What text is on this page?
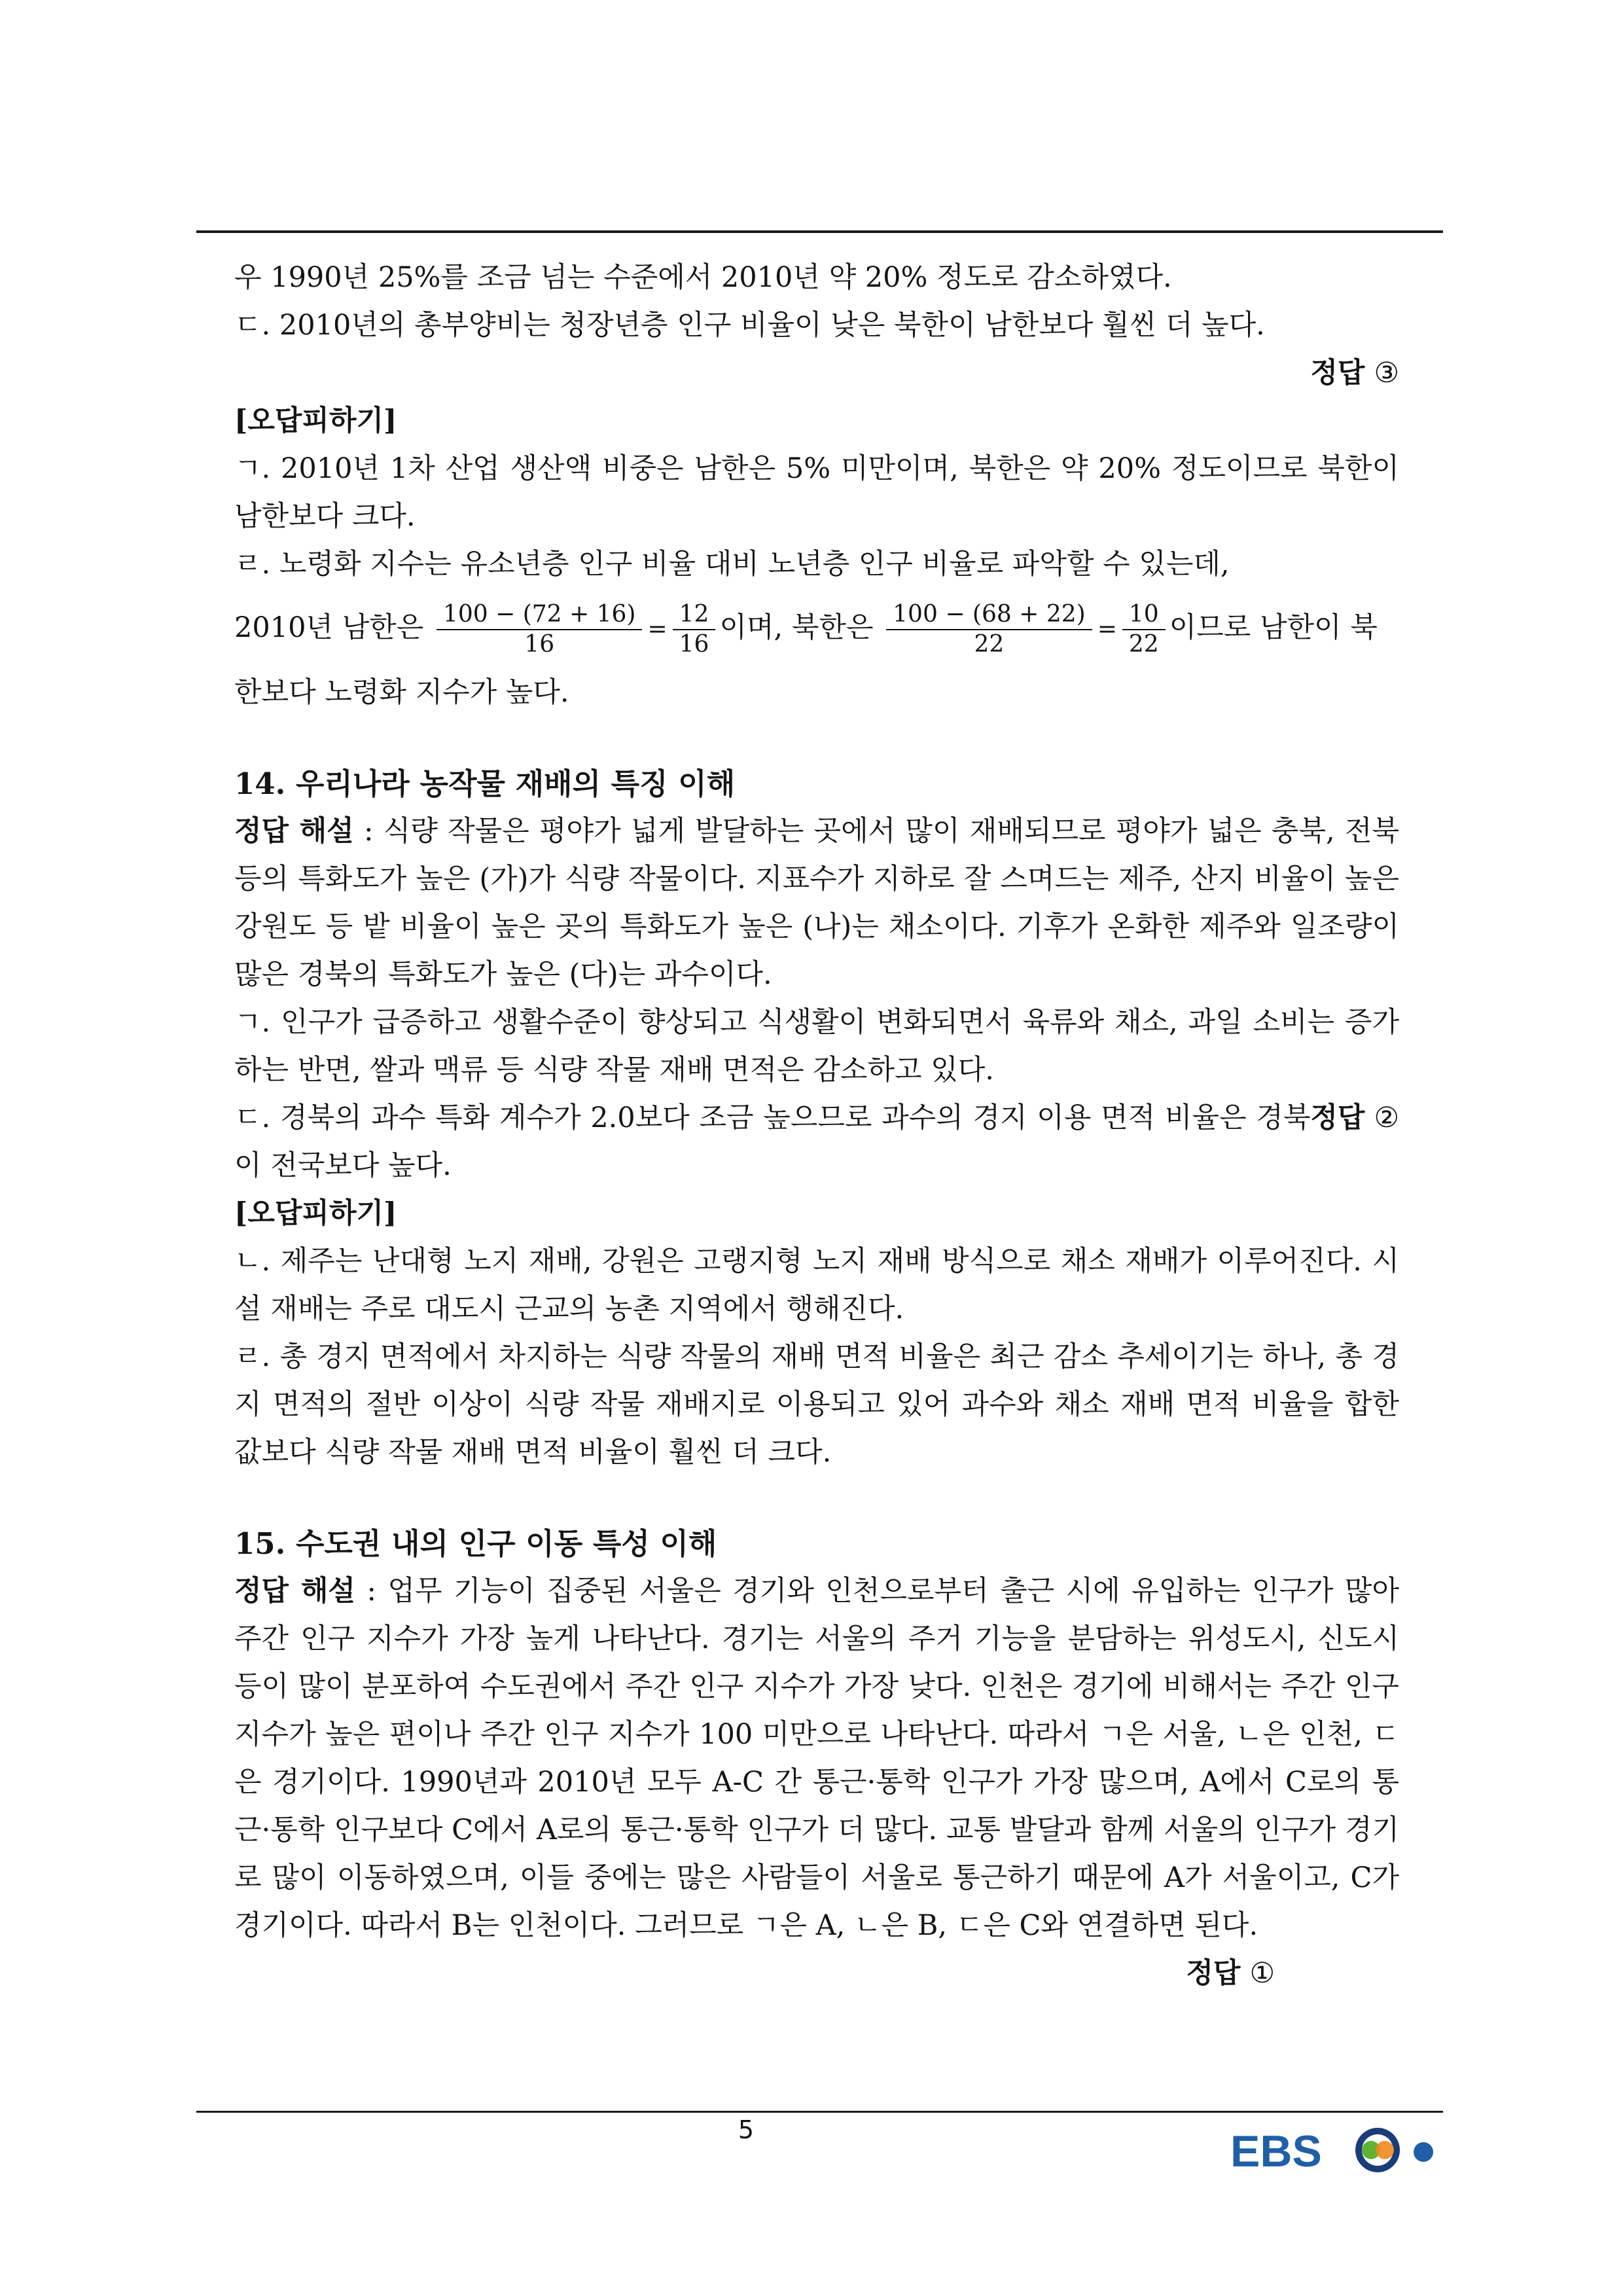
우 1990년 25%를 조금 넘는 수준에서 2010년 약 20% 정도로 감소하였다.

ㄷ. 2010년의 총부양비는 청장년층 인구 비율이 낮은 북한이 남한보다 훨씬 더 높다.

정답 ③

[오답피하기]

ㄱ. 2010년 1차 산업 생산액 비중은 남한은 5% 미만이며, 북한은 약 20% 정도이므로 북한이 남한보다 크다.

ㄹ. 노령화 지수는 유소년층 인구 비율 대비 노년층 인구 비율로 파악할 수 있는데,

2010년 남한은 $\frac{100 - (72 + 16)}{16} = \frac{12}{16}$ 이며, 북한은 $\frac{100 - (68 + 22)}{22} = \frac{10}{22}$ 이므로 남한이 북

한보다 노령화 지수가 높다.

14. 우리나라 농작물 재배의 특징 이해

정답 해설 : 식량 작물은 평야가 넓게 발달하는 곳에서 많이 재배되므로 평야가 넓은 충북, 전북 등의 특화도가 높은 (가)가 식량 작물이다. 지표수가 지하로 잘 스며드는 제주, 산지 비율이 높은 강원도 등 밭 비율이 높은 곳의 특화도가 높은 (나)는 채소이다. 기후가 온화한 제주와 일조량이 많은 경북의 특화도가 높은 (다)는 과수이다.

ㄱ. 인구가 급증하고 생활수준이 향상되고 식생활이 변화되면서 육류와 채소, 과일 소비는 증가하는 반면, 쌀과 맥류 등 식량 작물 재배 면적은 감소하고 있다.

정답 ②
ㄷ. 경북의 과수 특화 계수가 2.0보다 조금 높으므로 과수의 경지 이용 면적 비율은 경북이 전국보다 높다.

[오답피하기]

ㄴ. 제주는 난대형 노지 재배, 강원은 고랭지형 노지 재배 방식으로 채소 재배가 이루어진다. 시설 재배는 주로 대도시 근교의 농촌 지역에서 행해진다.

ㄹ. 총 경지 면적에서 차지하는 식량 작물의 재배 면적 비율은 최근 감소 추세이기는 하나, 총 경지 면적의 절반 이상이 식량 작물 재배지로 이용되고 있어 과수와 채소 재배 면적 비율을 합한 값보다 식량 작물 재배 면적 비율이 훨씬 더 크다.

15. 수도권 내의 인구 이동 특성 이해

정답 해설 : 업무 기능이 집중된 서울은 경기와 인천으로부터 출근 시에 유입하는 인구가 많아 주간 인구 지수가 가장 높게 나타난다. 경기는 서울의 주거 기능을 분담하는 위성도시, 신도시 등이 많이 분포하여 수도권에서 주간 인구 지수가 가장 낮다. 인천은 경기에 비해서는 주간 인구 지수가 높은 편이나 주간 인구 지수가 100 미만으로 나타난다. 따라서 ㄱ은 서울, ㄴ은 인천, ㄷ은 경기이다. 1990년과 2010년 모두 A-C 간 통근·통학 인구가 가장 많으며, A에서 C로의 통근·통학 인구보다 C에서 A로의 통근·통학 인구가 더 많다. 교통 발달과 함께 서울의 인구가 경기로 많이 이동하였으며, 이들 중에는 많은 사람들이 서울로 통근하기 때문에 A가 서울이고, C가 경기이다. 따라서 B는 인천이다. 그러므로 ㄱ은 A, ㄴ은 B, ㄷ은 C와 연결하면 된다.

정답 ①

5	EBS
